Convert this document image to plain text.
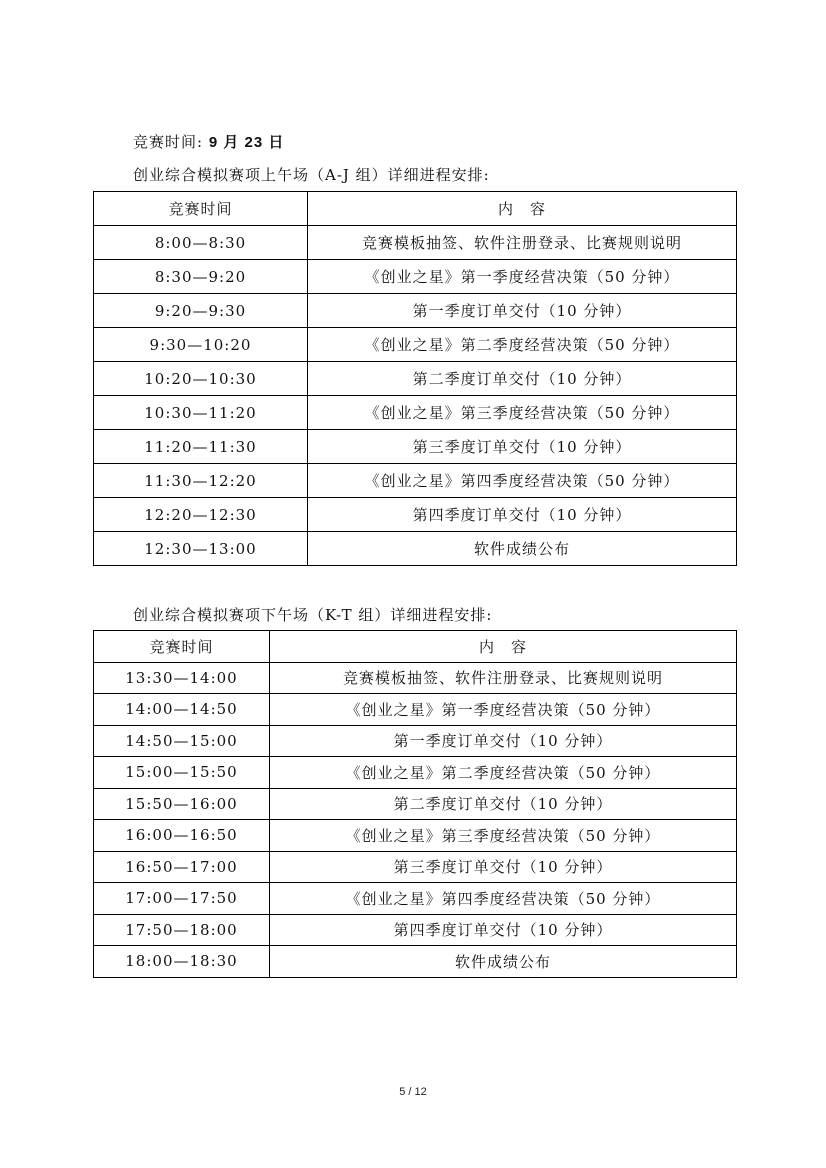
竞赛时间: 9 月 23 日
创业综合模拟赛项上午场（A-J 组）详细进程安排:
竞赛时间	内　容
8:00—8:30	竞赛模板抽签、软件注册登录、比赛规则说明
8:30—9:20	《创业之星》第一季度经营决策（50 分钟）
9:20—9:30	第一季度订单交付（10 分钟）
9:30—10:20	《创业之星》第二季度经营决策（50 分钟）
10:20—10:30	第二季度订单交付（10 分钟）
10:30—11:20	《创业之星》第三季度经营决策（50 分钟）
11:20—11:30	第三季度订单交付（10 分钟）
11:30—12:20	《创业之星》第四季度经营决策（50 分钟）
12:20—12:30	第四季度订单交付（10 分钟）
12:30—13:00	软件成绩公布
创业综合模拟赛项下午场（K-T 组）详细进程安排:
竞赛时间	内　容
13:30—14:00	竞赛模板抽签、软件注册登录、比赛规则说明
14:00—14:50	《创业之星》第一季度经营决策（50 分钟）
14:50—15:00	第一季度订单交付（10 分钟）
15:00—15:50	《创业之星》第二季度经营决策（50 分钟）
15:50—16:00	第二季度订单交付（10 分钟）
16:00—16:50	《创业之星》第三季度经营决策（50 分钟）
16:50—17:00	第三季度订单交付（10 分钟）
17:00—17:50	《创业之星》第四季度经营决策（50 分钟）
17:50—18:00	第四季度订单交付（10 分钟）
18:00—18:30	软件成绩公布
5 / 12
